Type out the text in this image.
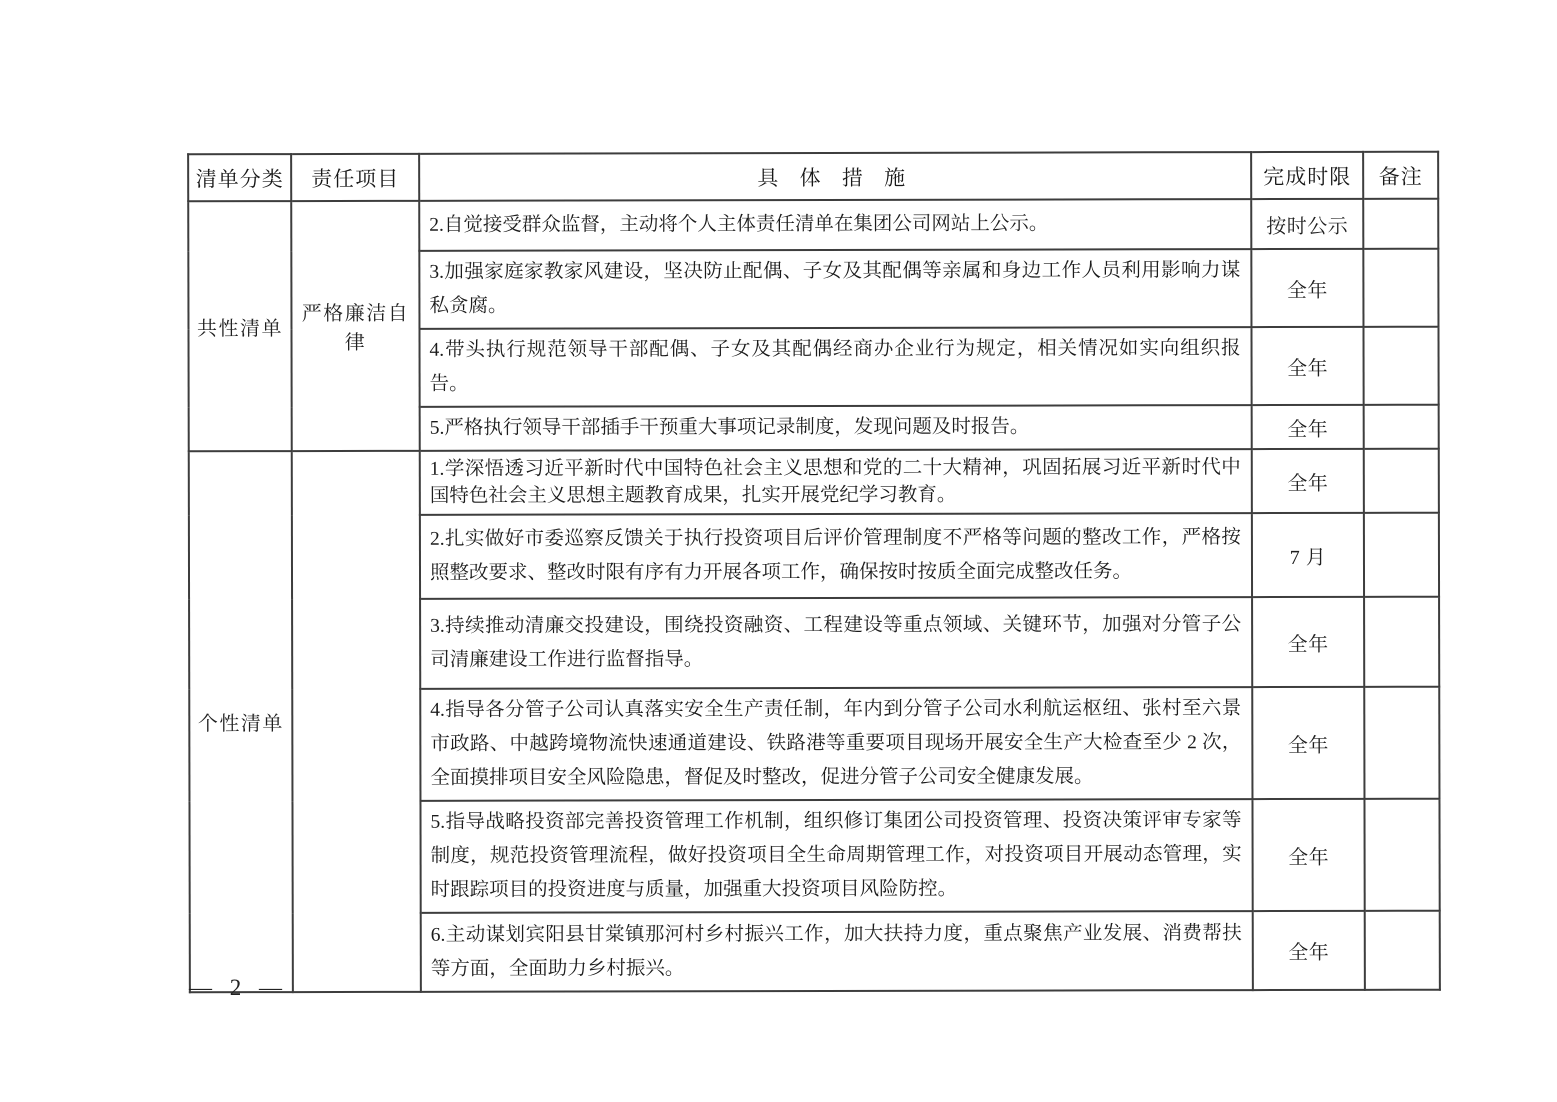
清单分类	责任项目	具 体 措 施	完成时限	备注
共性清单	严格廉洁自律	2.自觉接受群众监督，主动将个人主体责任清单在集团公司网站上公示。	按时公示	
		3.加强家庭家教家风建设，坚决防止配偶、子女及其配偶等亲属和身边工作人员利用影响力谋私贪腐。	全年	
		4.带头执行规范领导干部配偶、子女及其配偶经商办企业行为规定，相关情况如实向组织报告。	全年	
		5.严格执行领导干部插手干预重大事项记录制度，发现问题及时报告。	全年	
个性清单		1.学深悟透习近平新时代中国特色社会主义思想和党的二十大精神，巩固拓展习近平新时代中国特色社会主义思想主题教育成果，扎实开展党纪学习教育。	全年	
		2.扎实做好市委巡察反馈关于执行投资项目后评价管理制度不严格等问题的整改工作，严格按照整改要求、整改时限有序有力开展各项工作，确保按时按质全面完成整改任务。	7 月	
		3.持续推动清廉交投建设，围绕投资融资、工程建设等重点领域、关键环节，加强对分管子公司清廉建设工作进行监督指导。	全年	
		4.指导各分管子公司认真落实安全生产责任制，年内到分管子公司水利航运枢纽、张村至六景市政路、中越跨境物流快速通道建设、铁路港等重要项目现场开展安全生产大检查至少 2 次，全面摸排项目安全风险隐患，督促及时整改，促进分管子公司安全健康发展。	全年	
		5.指导战略投资部完善投资管理工作机制，组织修订集团公司投资管理、投资决策评审专家等制度，规范投资管理流程，做好投资项目全生命周期管理工作，对投资项目开展动态管理，实时跟踪项目的投资进度与质量，加强重大投资项目风险防控。	全年	
		6.主动谋划宾阳县甘棠镇那河村乡村振兴工作，加大扶持力度，重点聚焦产业发展、消费帮扶等方面，全面助力乡村振兴。	全年	
— 2 —
